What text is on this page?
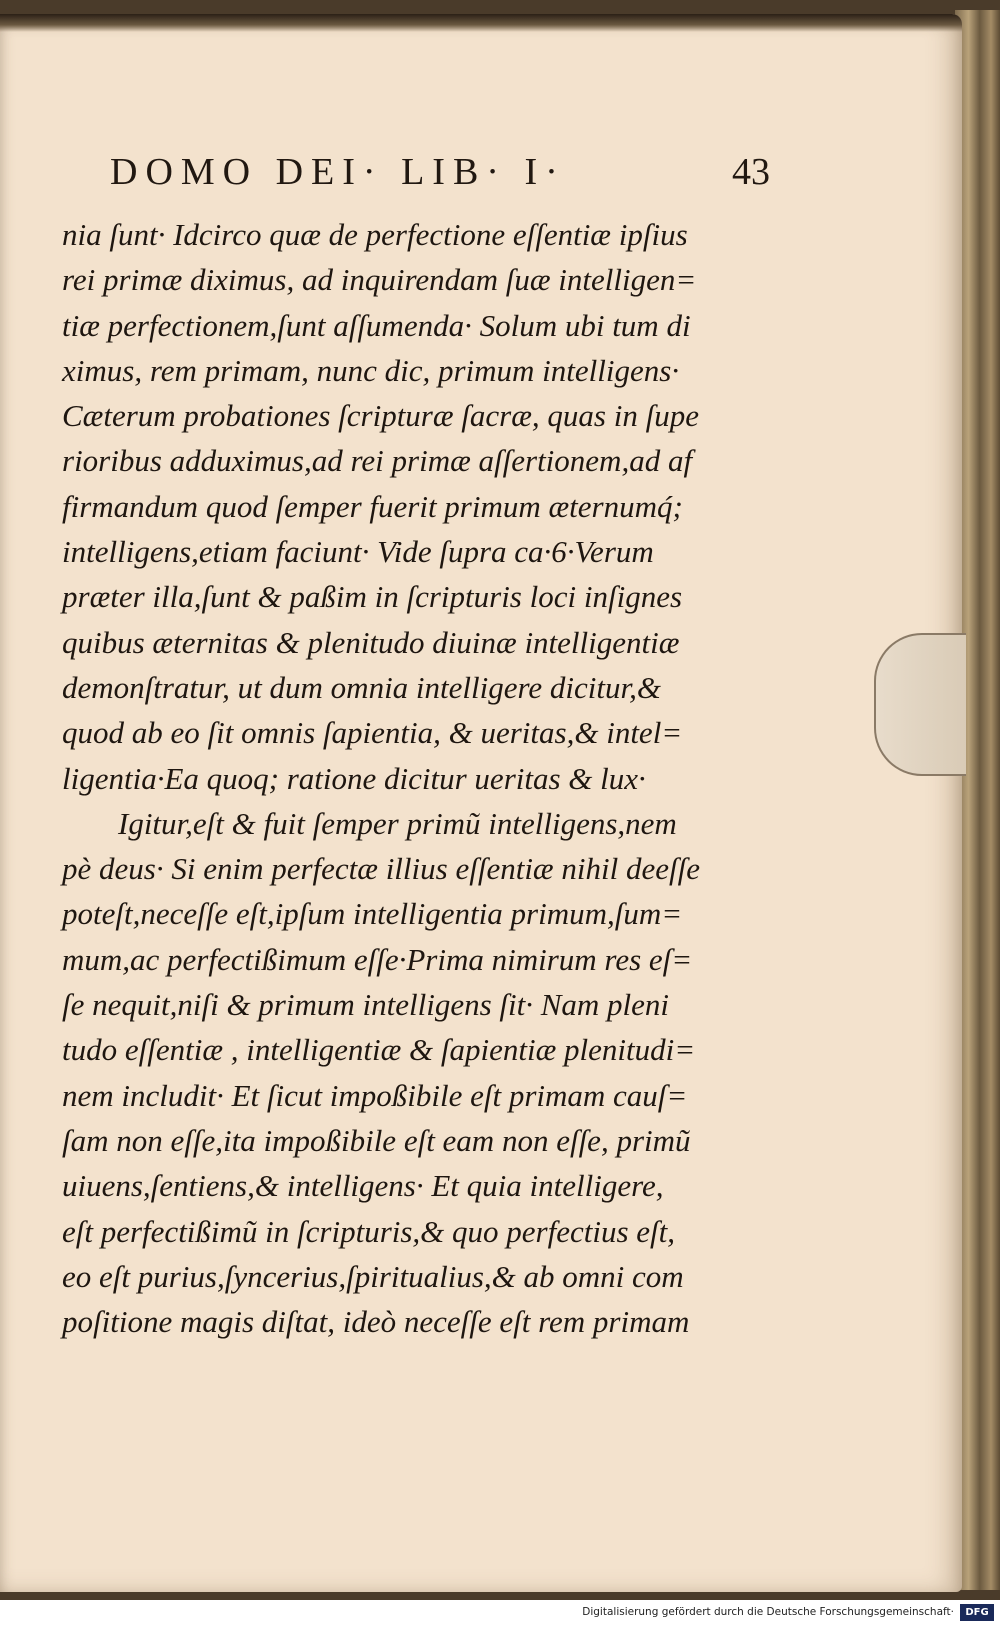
DOMO DEI· LIB· I·	43
nia ſunt· Idcirco quæ de perfectione eſſentiæ ipſius
rei primæ diximus, ad inquirendam ſuæ intelligen=
tiæ perfectionem,ſunt aſſumenda· Solum ubi tum di
ximus, rem primam, nunc dic, primum intelligens·
Cæterum probationes ſcripturæ ſacræ, quas in ſupe
rioribus adduximus,ad rei primæ aſſertionem,ad af
firmandum quod ſemper fuerit primum æternumq́;
intelligens,etiam faciunt· Vide ſupra ca·6·Verum
præter illa,ſunt & paßim in ſcripturis loci inſignes
quibus æternitas & plenitudo diuinæ intelligentiæ
demonſtratur, ut dum omnia intelligere dicitur,&
quod ab eo ſit omnis ſapientia, & ueritas,& intel=
ligentia·Ea quoq; ratione dicitur ueritas & lux·
Igitur,eſt & fuit ſemper primũ intelligens,nem
pè deus· Si enim perfectæ illius eſſentiæ nihil deeſſe
poteſt,neceſſe eſt,ipſum intelligentia primum,ſum=
mum,ac perfectißimum eſſe·Prima nimirum res eſ=
ſe nequit,niſi & primum intelligens ſit· Nam pleni
tudo eſſentiæ , intelligentiæ & ſapientiæ plenitudi=
nem includit· Et ſicut impoßibile eſt primam cauſ=
ſam non eſſe,ita impoßibile eſt eam non eſſe, primũ
uiuens,ſentiens,& intelligens· Et quia intelligere,
eſt perfectißimũ in ſcripturis,& quo perfectius eſt,
eo eſt purius,ſyncerius,ſpiritualius,& ab omni com
poſitione magis diſtat, ideò neceſſe eſt rem primam
Digitalisierung gefördert durch die Deutsche Forschungsgemeinschaft·	DFG
